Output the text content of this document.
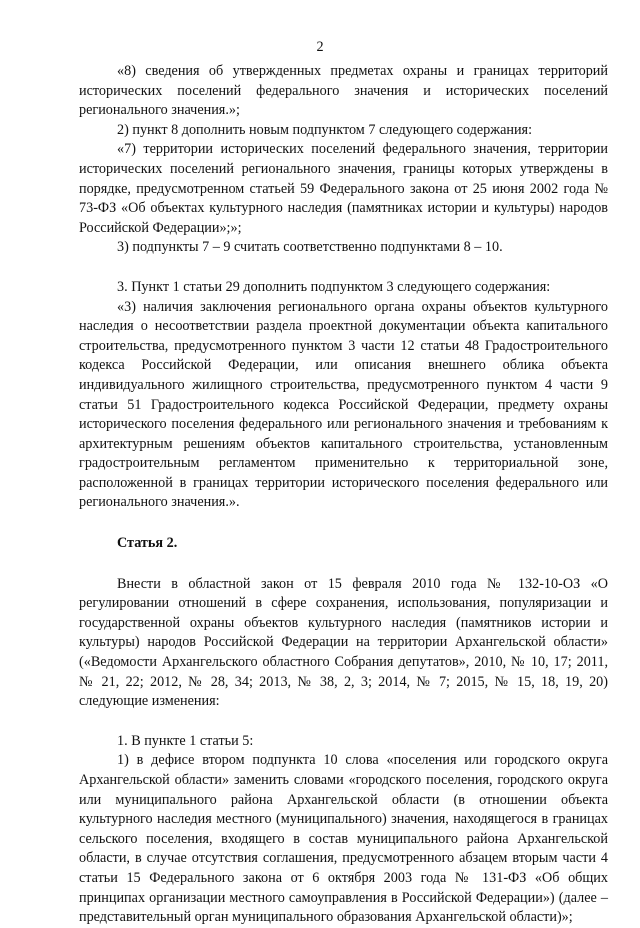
2

«8) сведения об утвержденных предметах охраны и границах территорий исторических поселений федерального значения и исторических поселений регионального значения.»;

2) пункт 8 дополнить новым подпунктом 7 следующего содержания:

«7) территории исторических поселений федерального значения, территории исторических поселений регионального значения, границы которых утверждены в порядке, предусмотренном статьей 59 Федерального закона от 25 июня 2002 года № 73-ФЗ «Об объектах культурного наследия (памятниках истории и культуры) народов Российской Федерации»;»;

3) подпункты 7 – 9 считать соответственно подпунктами 8 – 10.

3. Пункт 1 статьи 29 дополнить подпунктом 3 следующего содержания:

«3) наличия заключения регионального органа охраны объектов культурного наследия о несоответствии раздела проектной документации объекта капитального строительства, предусмотренного пунктом 3 части 12 статьи 48 Градостроительного кодекса Российской Федерации, или описания внешнего облика объекта индивидуального жилищного строительства, предусмотренного пунктом 4 части 9 статьи 51 Градостроительного кодекса Российской Федерации, предмету охраны исторического поселения федерального или регионального значения и требованиям к архитектурным решениям объектов капитального строительства, установленным градостроительным регламентом применительно к территориальной зоне, расположенной в границах территории исторического поселения федерального или регионального значения.».

Статья 2.

Внести в областной закон от 15 февраля 2010 года № 132-10-ОЗ «О регулировании отношений в сфере сохранения, использования, популяризации и государственной охраны объектов культурного наследия (памятников истории и культуры) народов Российской Федерации на территории Архангельской области» («Ведомости Архангельского областного Собрания депутатов», 2010, № 10, 17; 2011, № 21, 22; 2012, № 28, 34; 2013, № 38, 2, 3; 2014, № 7; 2015, № 15, 18, 19, 20) следующие изменения:

1. В пункте 1 статьи 5:

1) в дефисе втором подпункта 10 слова «поселения или городского округа Архангельской области» заменить словами «городского поселения, городского округа или муниципального района Архангельской области (в отношении объекта культурного наследия местного (муниципального) значения, находящегося в границах сельского поселения, входящего в состав муниципального района Архангельской области, в случае отсутствия соглашения, предусмотренного абзацем вторым части 4 статьи 15 Федерального закона от 6 октября 2003 года № 131-ФЗ «Об общих принципах организации местного самоуправления в Российской Федерации») (далее – представительный орган муниципального образования Архангельской области)»;
